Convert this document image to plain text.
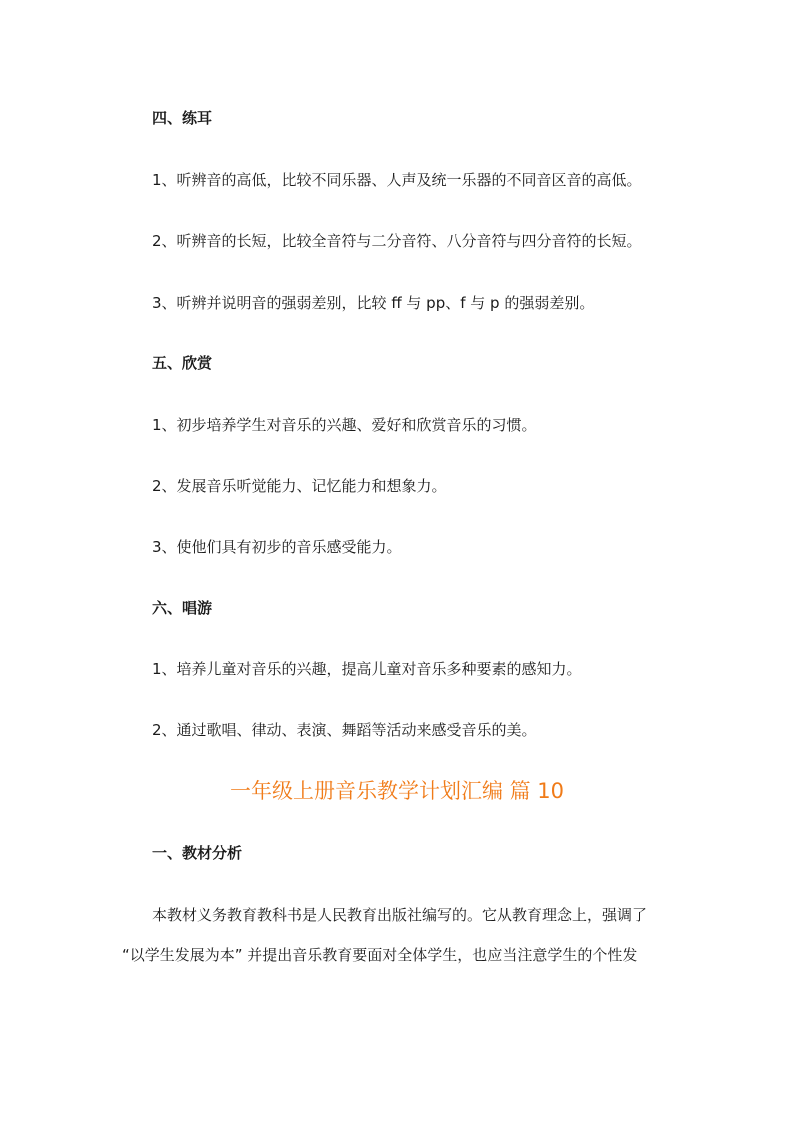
四、练耳
1、听辨音的高低，比较不同乐器、人声及统一乐器的不同音区音的高低。
2、听辨音的长短，比较全音符与二分音符、八分音符与四分音符的长短。
3、听辨并说明音的强弱差别，比较 ff 与 pp、f 与 p 的强弱差别。
五、欣赏
1、初步培养学生对音乐的兴趣、爱好和欣赏音乐的习惯。
2、发展音乐听觉能力、记忆能力和想象力。
3、使他们具有初步的音乐感受能力。
六、唱游
1、培养儿童对音乐的兴趣，提高儿童对音乐多种要素的感知力。
2、通过歌唱、律动、表演、舞蹈等活动来感受音乐的美。
一年级上册音乐教学计划汇编 篇 10
一、教材分析
本教材义务教育教科书是人民教育出版社编写的。它从教育理念上，强调了
“以学生发展为本” 并提出音乐教育要面对全体学生，也应当注意学生的个性发
